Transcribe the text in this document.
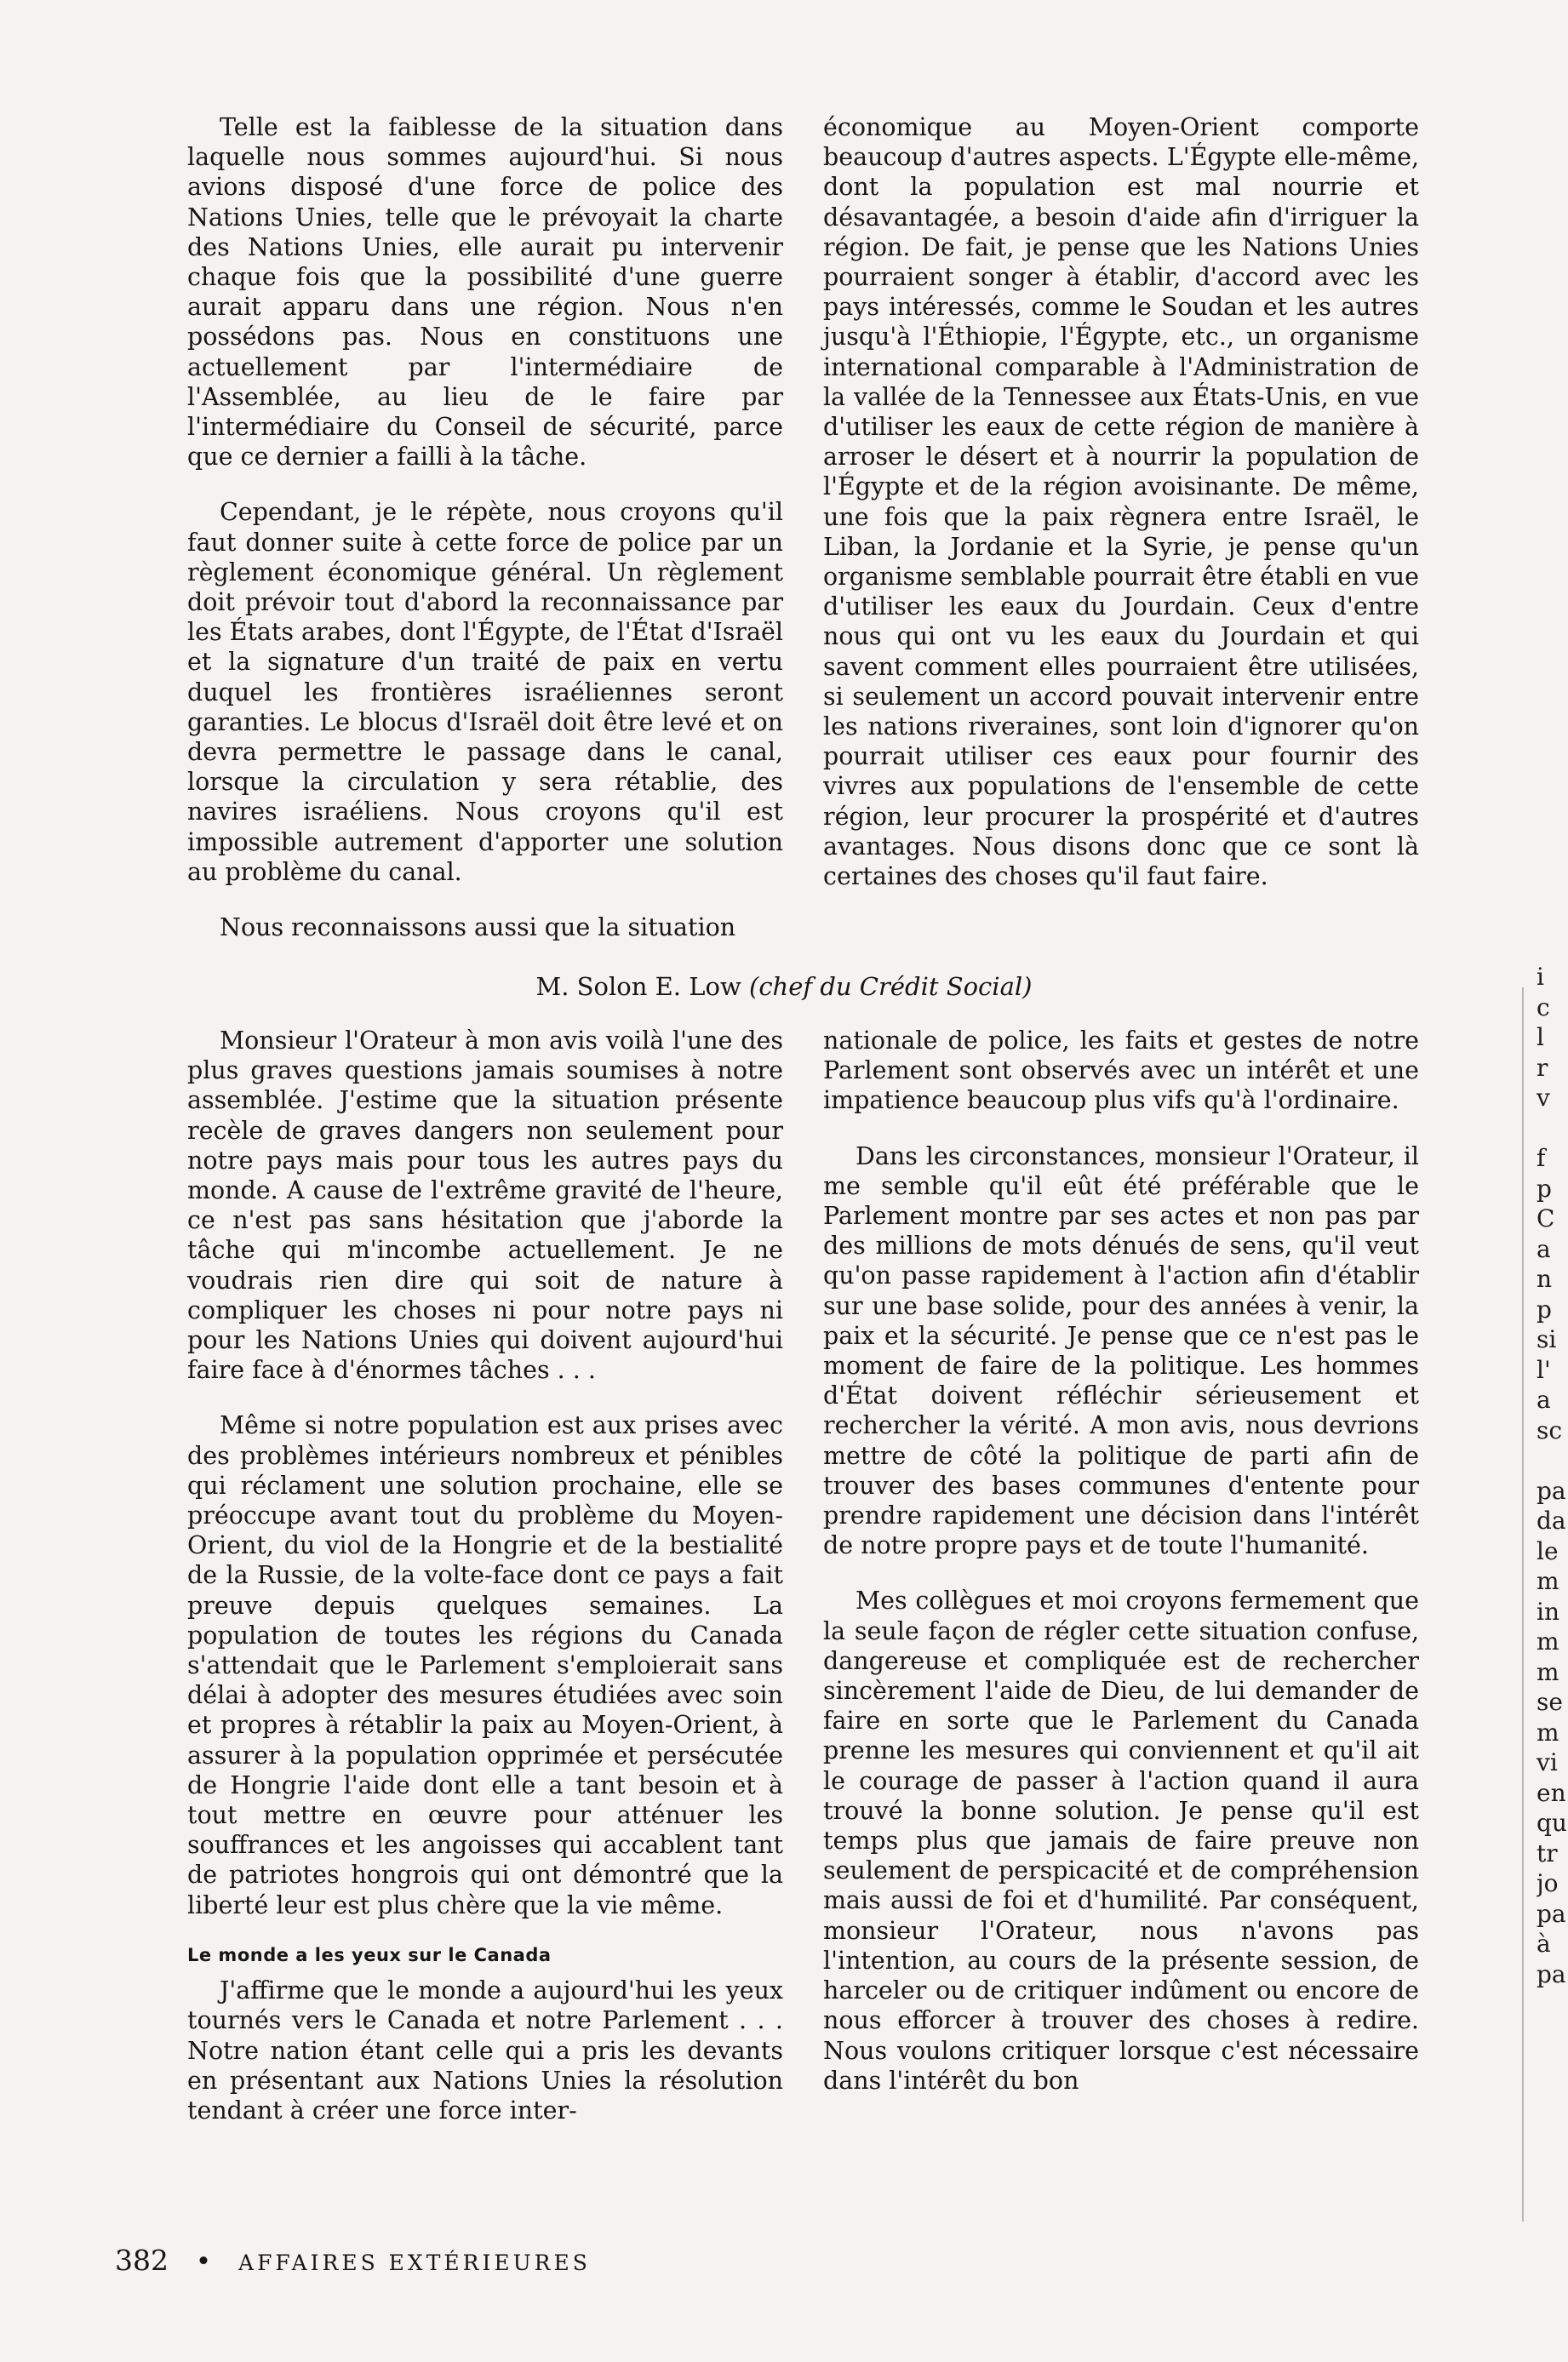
Telle est la faiblesse de la situation dans laquelle nous sommes aujourd'hui. Si nous avions disposé d'une force de police des Nations Unies, telle que le prévoyait la charte des Nations Unies, elle aurait pu intervenir chaque fois que la possibilité d'une guerre aurait apparu dans une région. Nous n'en possédons pas. Nous en constituons une actuellement par l'intermédiaire de l'Assemblée, au lieu de le faire par l'intermédiaire du Conseil de sécurité, parce que ce dernier a failli à la tâche.

Cependant, je le répète, nous croyons qu'il faut donner suite à cette force de police par un règlement économique général. Un règlement doit prévoir tout d'abord la reconnaissance par les États arabes, dont l'Égypte, de l'État d'Israël et la signature d'un traité de paix en vertu duquel les frontières israéliennes seront garanties. Le blocus d'Israël doit être levé et on devra permettre le passage dans le canal, lorsque la circulation y sera rétablie, des navires israéliens. Nous croyons qu'il est impossible autrement d'apporter une solution au problème du canal.

Nous reconnaissons aussi que la situation

économique au Moyen-Orient comporte beaucoup d'autres aspects. L'Égypte elle-même, dont la population est mal nourrie et désavantagée, a besoin d'aide afin d'irriguer la région. De fait, je pense que les Nations Unies pourraient songer à établir, d'accord avec les pays intéressés, comme le Soudan et les autres jusqu'à l'Éthiopie, l'Égypte, etc., un organisme international comparable à l'Administration de la vallée de la Tennessee aux États-Unis, en vue d'utiliser les eaux de cette région de manière à arroser le désert et à nourrir la population de l'Égypte et de la région avoisinante. De même, une fois que la paix règnera entre Israël, le Liban, la Jordanie et la Syrie, je pense qu'un organisme semblable pourrait être établi en vue d'utiliser les eaux du Jourdain. Ceux d'entre nous qui ont vu les eaux du Jourdain et qui savent comment elles pourraient être utilisées, si seulement un accord pouvait intervenir entre les nations riveraines, sont loin d'ignorer qu'on pourrait utiliser ces eaux pour fournir des vivres aux populations de l'ensemble de cette région, leur procurer la prospérité et d'autres avantages. Nous disons donc que ce sont là certaines des choses qu'il faut faire.

M. Solon E. Low (chef du Crédit Social)

Monsieur l'Orateur à mon avis voilà l'une des plus graves questions jamais soumises à notre assemblée. J'estime que la situation présente recèle de graves dangers non seulement pour notre pays mais pour tous les autres pays du monde. A cause de l'extrême gravité de l'heure, ce n'est pas sans hésitation que j'aborde la tâche qui m'incombe actuellement. Je ne voudrais rien dire qui soit de nature à compliquer les choses ni pour notre pays ni pour les Nations Unies qui doivent aujourd'hui faire face à d'énormes tâches . . .

Même si notre population est aux prises avec des problèmes intérieurs nombreux et pénibles qui réclament une solution prochaine, elle se préoccupe avant tout du problème du Moyen-Orient, du viol de la Hongrie et de la bestialité de la Russie, de la volte-face dont ce pays a fait preuve depuis quelques semaines. La population de toutes les régions du Canada s'attendait que le Parlement s'emploierait sans délai à adopter des mesures étudiées avec soin et propres à rétablir la paix au Moyen-Orient, à assurer à la population opprimée et persécutée de Hongrie l'aide dont elle a tant besoin et à tout mettre en œuvre pour atténuer les souffrances et les angoisses qui accablent tant de patriotes hongrois qui ont démontré que la liberté leur est plus chère que la vie même.

Le monde a les yeux sur le Canada

J'affirme que le monde a aujourd'hui les yeux tournés vers le Canada et notre Parlement . . . Notre nation étant celle qui a pris les devants en présentant aux Nations Unies la résolution tendant à créer une force inter-

nationale de police, les faits et gestes de notre Parlement sont observés avec un intérêt et une impatience beaucoup plus vifs qu'à l'ordinaire.

Dans les circonstances, monsieur l'Orateur, il me semble qu'il eût été préférable que le Parlement montre par ses actes et non pas par des millions de mots dénués de sens, qu'il veut qu'on passe rapidement à l'action afin d'établir sur une base solide, pour des années à venir, la paix et la sécurité. Je pense que ce n'est pas le moment de faire de la politique. Les hommes d'État doivent réfléchir sérieusement et rechercher la vérité. A mon avis, nous devrions mettre de côté la politique de parti afin de trouver des bases communes d'entente pour prendre rapidement une décision dans l'intérêt de notre propre pays et de toute l'humanité.

Mes collègues et moi croyons fermement que la seule façon de régler cette situation confuse, dangereuse et compliquée est de rechercher sincèrement l'aide de Dieu, de lui demander de faire en sorte que le Parlement du Canada prenne les mesures qui conviennent et qu'il ait le courage de passer à l'action quand il aura trouvé la bonne solution. Je pense qu'il est temps plus que jamais de faire preuve non seulement de perspicacité et de compréhension mais aussi de foi et d'humilité. Par conséquent, monsieur l'Orateur, nous n'avons pas l'intention, au cours de la présente session, de harceler ou de critiquer indûment ou encore de nous efforcer à trouver des choses à redire. Nous voulons critiquer lorsque c'est nécessaire dans l'intérêt du bon

i
c
l
r
v

f
p
C
a
n
p
si
l'
a
sc

pa
da
le
m
in
m
m
se
m
vi
en
qu
tr
jo
pa
à
pa
382 • AFFAIRES EXTÉRIEURES
